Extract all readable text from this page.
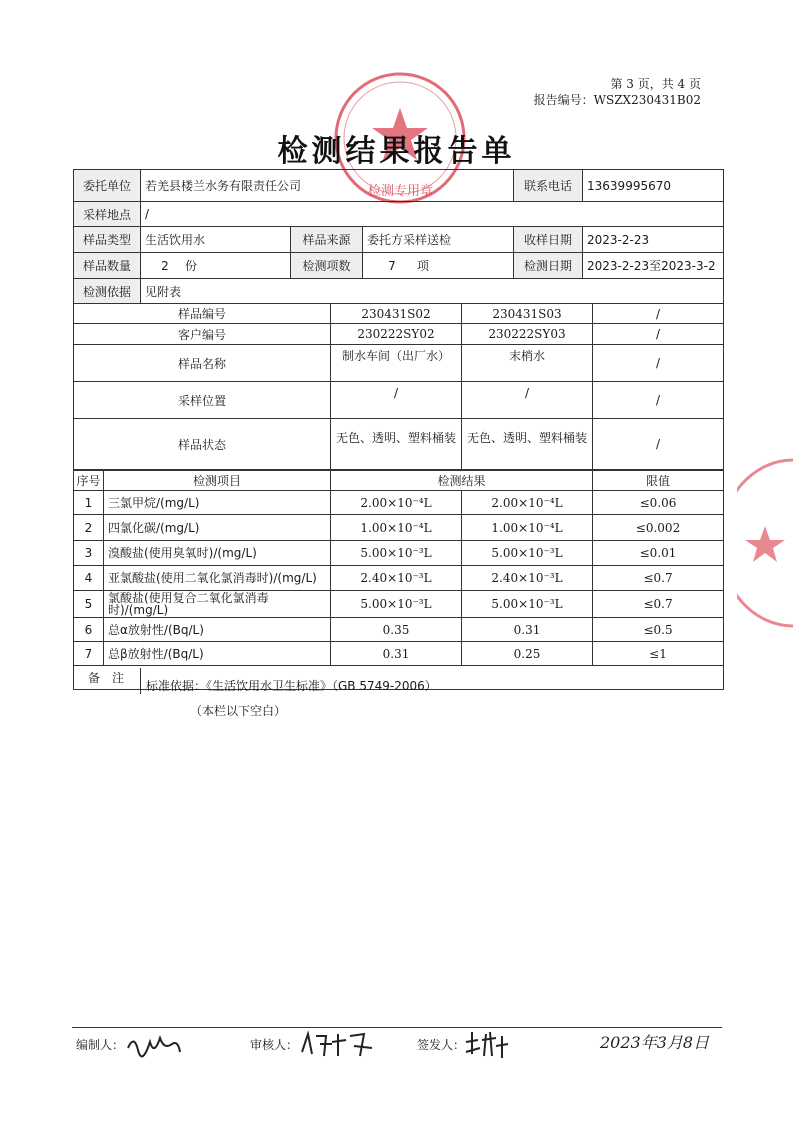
第 3 页，共 4 页
报告编号：WSZX230431B02
检测专用章
检测结果报告单
委托单位	若羌县楼兰水务有限责任公司			联系电话	13639995670
采样地点	/				
样品类型	生活饮用水	样品来源	委托方采样送检	收样日期	2023-2-23
样品数量	2 份	检测项数	7 项	检测日期	2023-2-23至2023-3-2
检测依据	见附表				
样品编号	230431S02	230431S03	/
客户编号	230222SY02	230222SY03	/
样品名称	制水车间（出厂水）	末梢水	/
采样位置	/	/	/
样品状态	无色、透明、塑料桶装	无色、透明、塑料桶装	/
序号	检测项目	检测结果		限值
1	三氯甲烷/(mg/L)	2.00×10⁻⁴L	2.00×10⁻⁴L	≤0.06
2	四氯化碳/(mg/L)	1.00×10⁻⁴L	1.00×10⁻⁴L	≤0.002
3	溴酸盐(使用臭氧时)/(mg/L)	5.00×10⁻³L	5.00×10⁻³L	≤0.01
4	亚氯酸盐(使用二氧化氯消毒时)/(mg/L)	2.40×10⁻³L	2.40×10⁻³L	≤0.7
5	氯酸盐(使用复合二氧化氯消毒时)/(mg/L)	5.00×10⁻³L	5.00×10⁻³L	≤0.7
6	总α放射性/(Bq/L)	0.35	0.31	≤0.5
7	总β放射性/(Bq/L)	0.31	0.25	≤1
备　注				
标准依据：《生活饮用水卫生标准》（GB 5749-2006）
（本栏以下空白）
编制人：	审核人：	签发人：	2023年3月8日
